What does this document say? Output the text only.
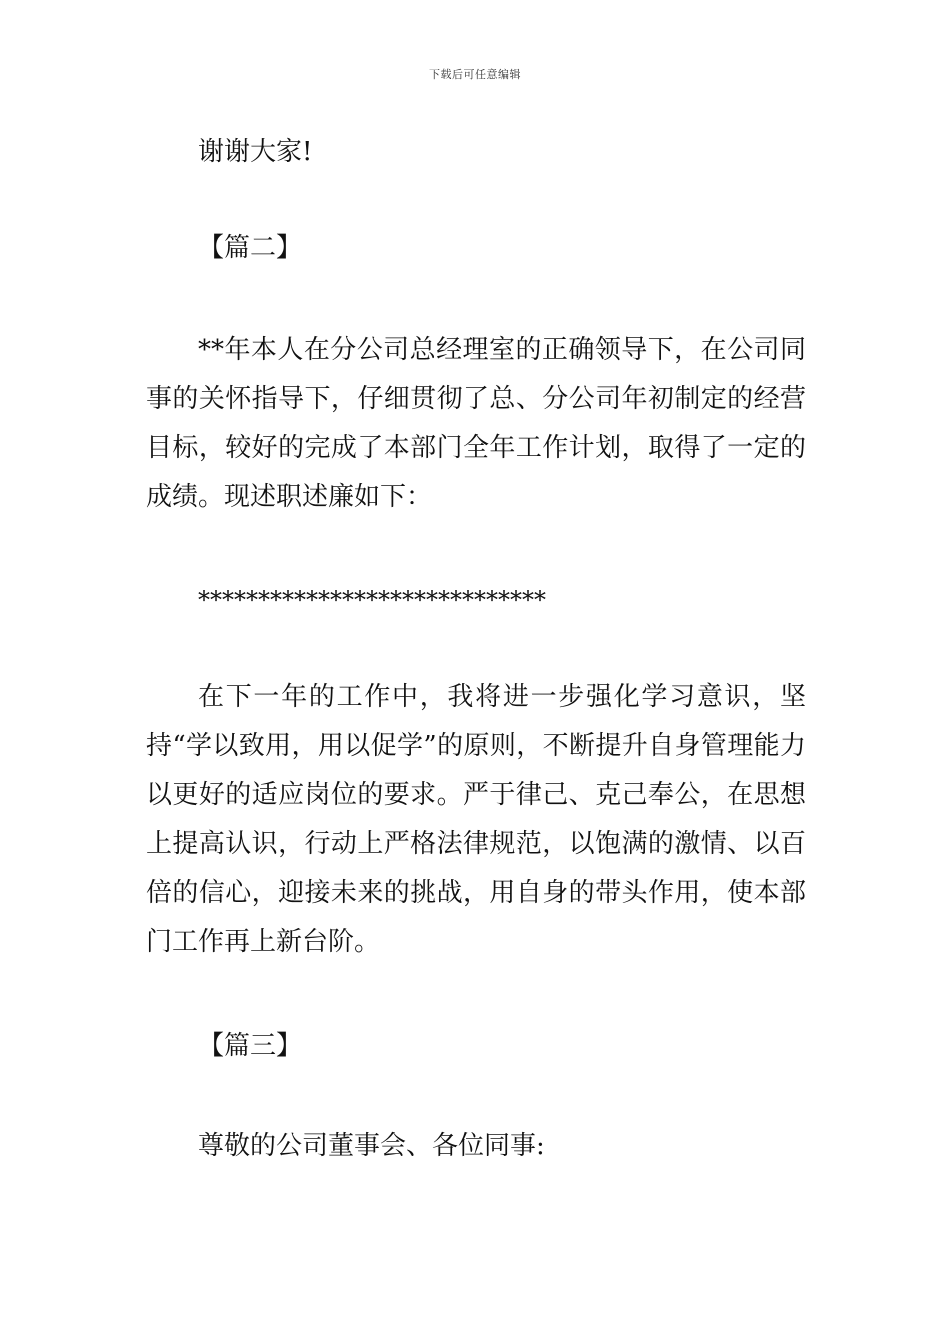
下载后可任意编辑
谢谢大家!
【篇二】
**年本人在分公司总经理室的正确领导下，在公司同事的关怀指导下，仔细贯彻了总、分公司年初制定的经营目标，较好的完成了本部门全年工作计划，取得了一定的成绩。现述职述廉如下：
*****************************
在下一年的工作中，我将进一步强化学习意识，坚持“学以致用，用以促学”的原则，不断提升自身管理能力以更好的适应岗位的要求。严于律己、克己奉公，在思想上提高认识，行动上严格法律规范，以饱满的激情、以百倍的信心，迎接未来的挑战，用自身的带头作用，使本部门工作再上新台阶。
【篇三】
尊敬的公司董事会、各位同事:
